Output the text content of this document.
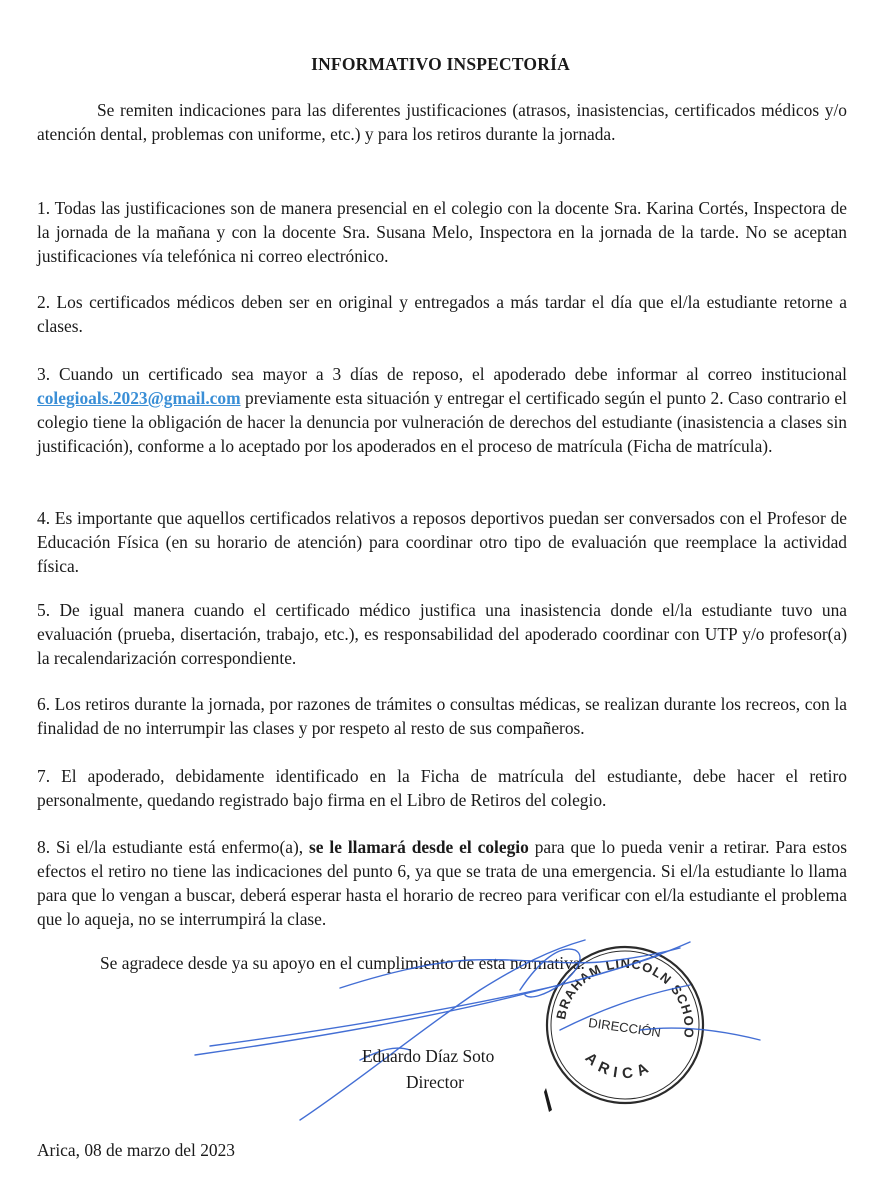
INFORMATIVO INSPECTORÍA
Se remiten indicaciones para las diferentes justificaciones (atrasos, inasistencias, certificados médicos y/o atención dental, problemas con uniforme, etc.) y para los retiros durante la jornada.
1. Todas las justificaciones son de manera presencial en el colegio con la docente Sra. Karina Cortés, Inspectora de la jornada de la mañana y con la docente Sra. Susana Melo, Inspectora en la jornada de la tarde. No se aceptan justificaciones vía telefónica ni correo electrónico.
2. Los certificados médicos deben ser en original y entregados a más tardar el día que el/la estudiante retorne a clases.
3. Cuando un certificado sea mayor a 3 días de reposo, el apoderado debe informar al correo institucional colegioals.2023@gmail.com previamente esta situación y entregar el certificado según el punto 2. Caso contrario el colegio tiene la obligación de hacer la denuncia por vulneración de derechos del estudiante (inasistencia a clases sin justificación), conforme a lo aceptado por los apoderados en el proceso de matrícula (Ficha de matrícula).
4. Es importante que aquellos certificados relativos a reposos deportivos puedan ser conversados con el Profesor de Educación Física (en su horario de atención) para coordinar otro tipo de evaluación que reemplace la actividad física.
5. De igual manera cuando el certificado médico justifica una inasistencia donde el/la estudiante tuvo una evaluación (prueba, disertación, trabajo, etc.), es responsabilidad del apoderado coordinar con UTP y/o profesor(a) la recalendarización correspondiente.
6. Los retiros durante la jornada, por razones de trámites o consultas médicas, se realizan durante los recreos, con la finalidad de no interrumpir las clases y por respeto al resto de sus compañeros.
7. El apoderado, debidamente identificado en la Ficha de matrícula del estudiante, debe hacer el retiro personalmente, quedando registrado bajo firma en el Libro de Retiros del colegio.
8. Si el/la estudiante está enfermo(a), se le llamará desde el colegio para que lo pueda venir a retirar. Para estos efectos el retiro no tiene las indicaciones del punto 6, ya que se trata de una emergencia. Si el/la estudiante lo llama para que lo vengan a buscar, deberá esperar hasta el horario de recreo para verificar con el/la estudiante el problema que lo aqueja, no se interrumpirá la clase.
Se agradece desde ya su apoyo en el cumplimiento de esta normativa.
ABRAHAM LINCOLN SCHOOL
DIRECCIÓN
ARICA
Eduardo Díaz Soto
Director
Arica, 08 de marzo del 2023
